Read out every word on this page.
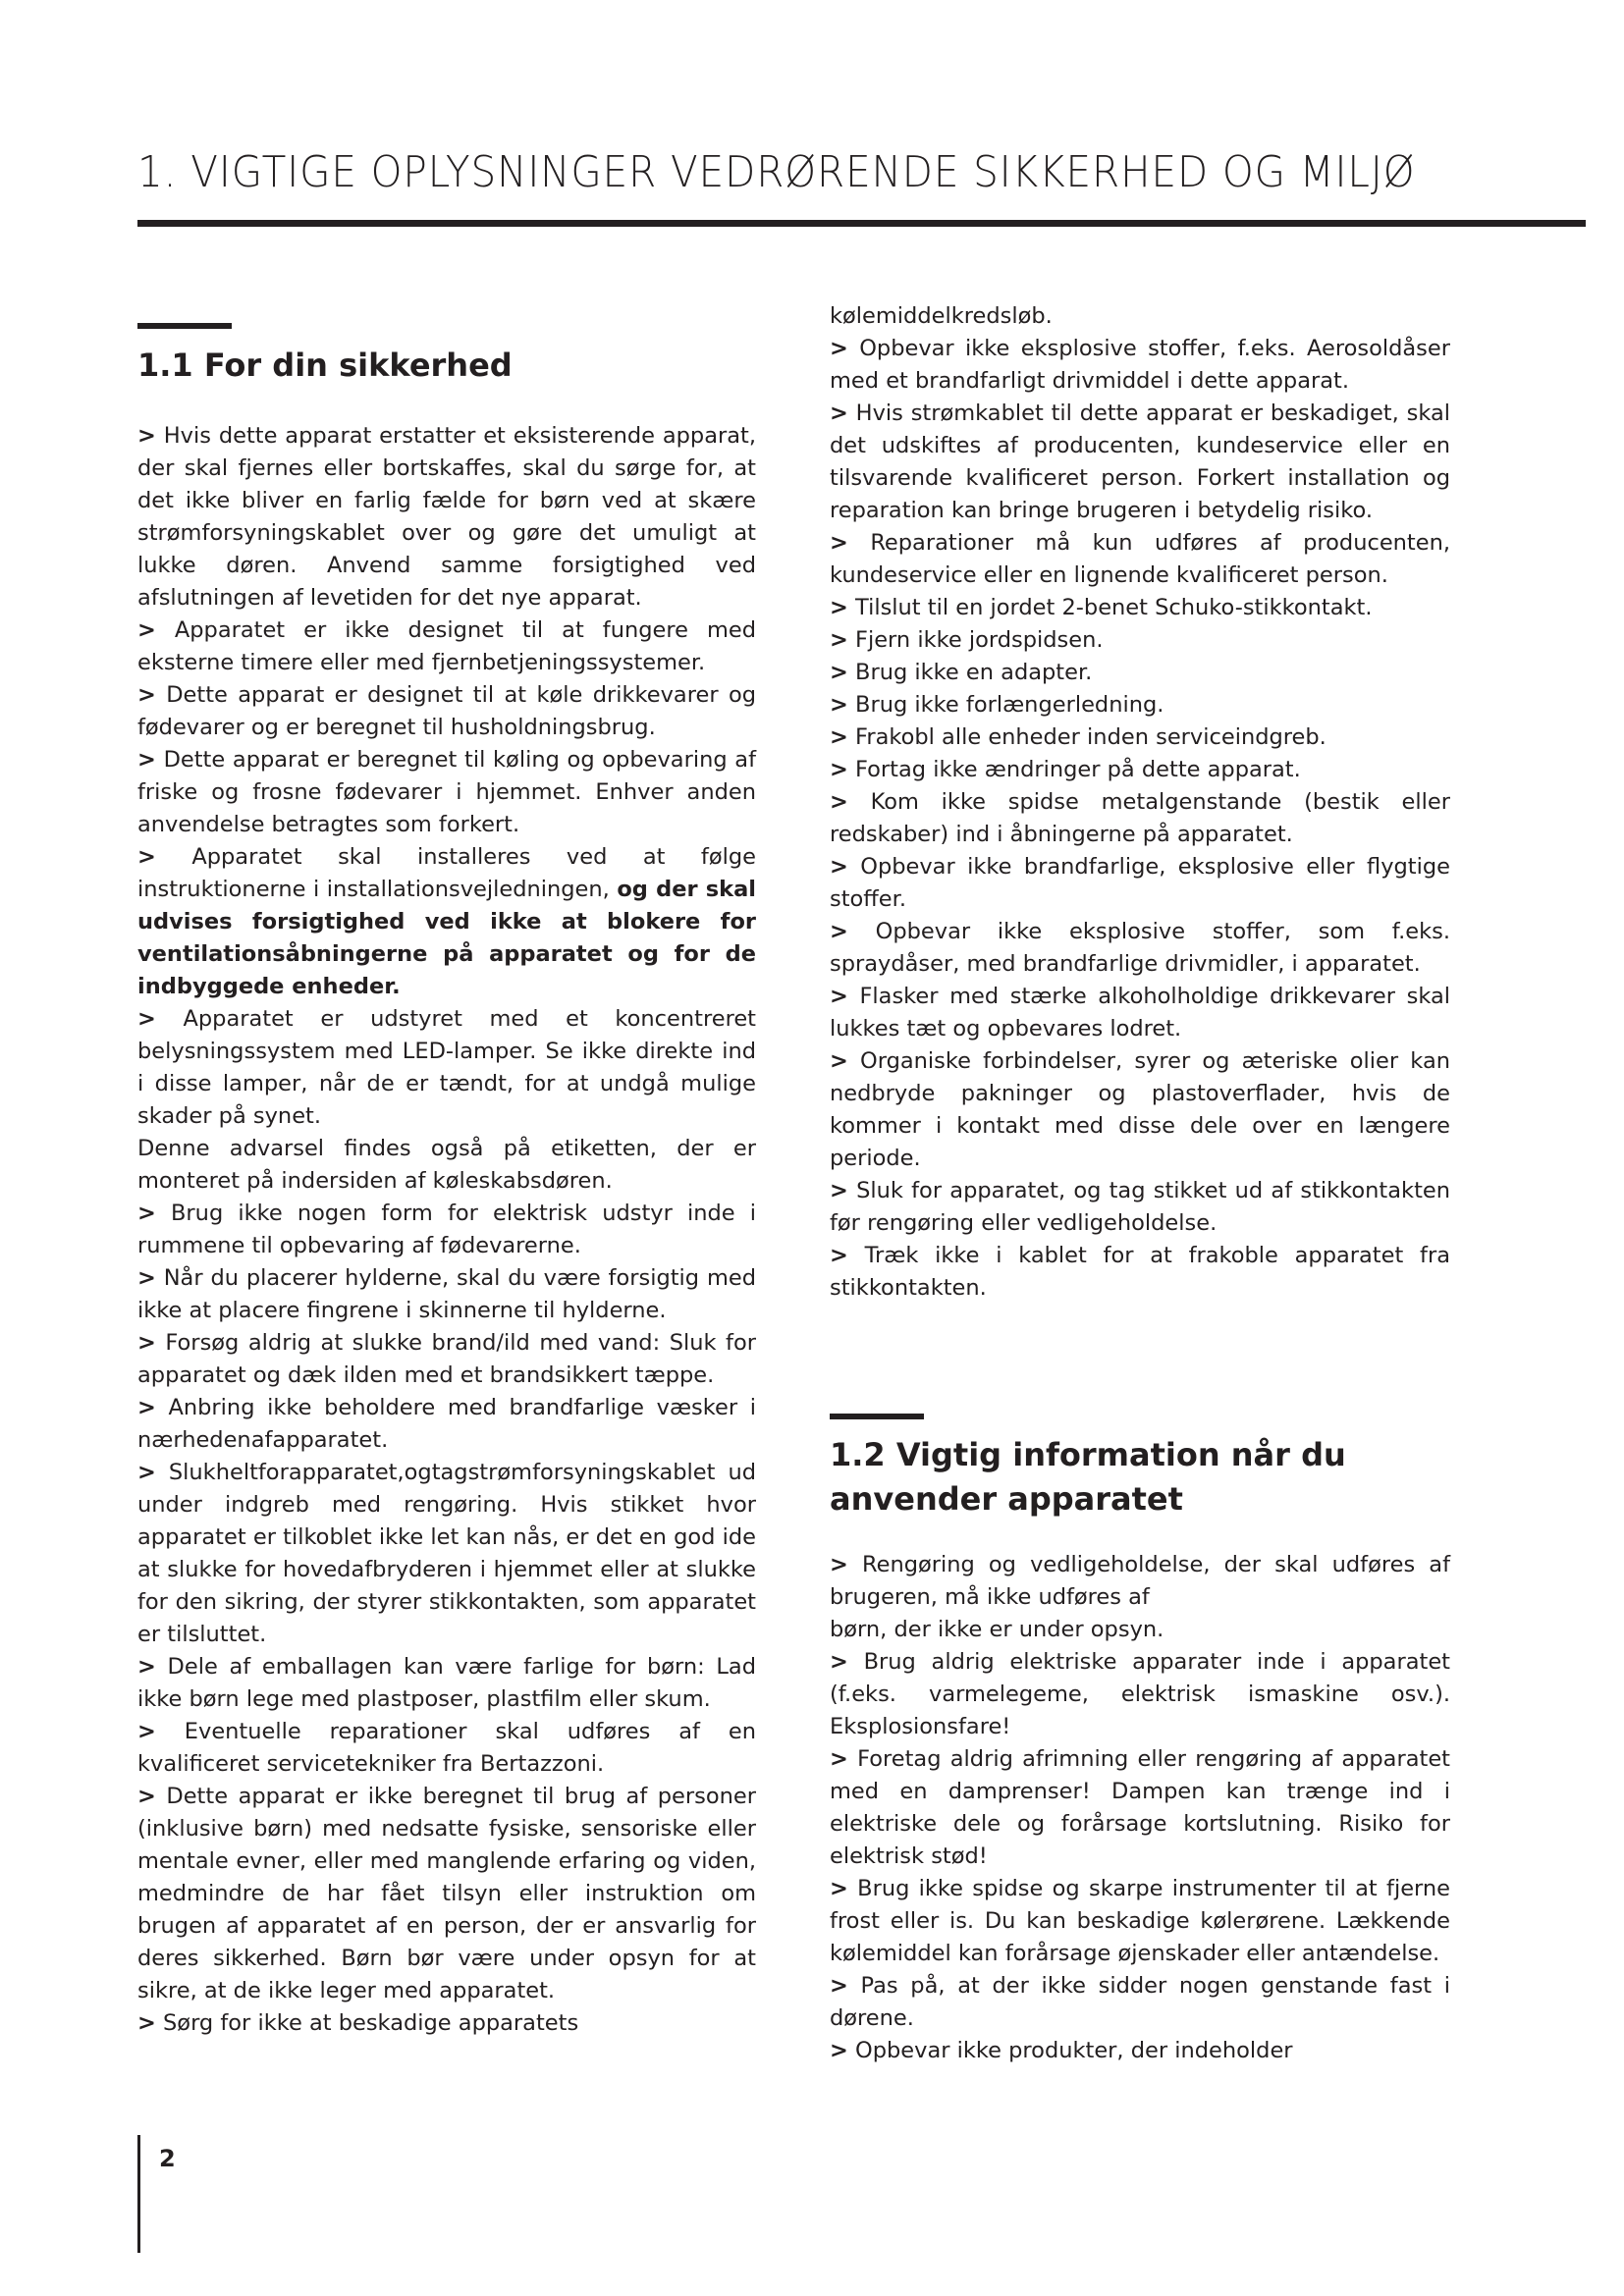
1. VIGTIGE OPLYSNINGER VEDRØRENDE SIKKERHED OG MILJØ
1.1 For din sikkerhed

> Hvis dette apparat erstatter et eksisterende apparat, der skal fjernes eller bortskaffes, skal du sørge for, at det ikke bliver en farlig fælde for børn ved at skære strømforsyningskablet over og gøre det umuligt at lukke døren. Anvend samme forsigtighed ved afslutningen af levetiden for det nye apparat.

> Apparatet er ikke designet til at fungere med eksterne timere eller med fjernbetjeningssystemer.

> Dette apparat er designet til at køle drikkevarer og fødevarer og er beregnet til husholdningsbrug.

> Dette apparat er beregnet til køling og opbevaring af friske og frosne fødevarer i hjemmet. Enhver anden anvendelse betragtes som forkert.

> Apparatet skal installeres ved at følge instruktionerne i installationsvejledningen, og der skal udvises forsigtighed ved ikke at blokere for ventilationsåbningerne på apparatet og for de indbyggede enheder.

> Apparatet er udstyret med et koncentreret belysningssystem med LED-lamper. Se ikke direkte ind i disse lamper, når de er tændt, for at undgå mulige skader på synet.

Denne advarsel findes også på etiketten, der er monteret på indersiden af køleskabsdøren.

> Brug ikke nogen form for elektrisk udstyr inde i rummene til opbevaring af fødevarerne.

> Når du placerer hylderne, skal du være forsigtig med ikke at placere fingrene i skinnerne til hylderne.

> Forsøg aldrig at slukke brand/ild med vand: Sluk for apparatet og dæk ilden med et brandsikkert tæppe.

> Anbring ikke beholdere med brandfarlige væsker i nærhedenafapparatet.

> Slukheltforapparatet,ogtagstrømforsyningskablet ud under indgreb med rengøring. Hvis stikket hvor apparatet er tilkoblet ikke let kan nås, er det en god ide at slukke for hovedafbryderen i hjemmet eller at slukke for den sikring, der styrer stikkontakten, som apparatet er tilsluttet.

> Dele af emballagen kan være farlige for børn: Lad ikke børn lege med plastposer, plastfilm eller skum.

> Eventuelle reparationer skal udføres af en kvalificeret servicetekniker fra Bertazzoni.

> Dette apparat er ikke beregnet til brug af personer (inklusive børn) med nedsatte fysiske, sensoriske eller mentale evner, eller med manglende erfaring og viden, medmindre de har fået tilsyn eller instruktion om brugen af apparatet af en person, der er ansvarlig for deres sikkerhed. Børn bør være under opsyn for at sikre, at de ikke leger med apparatet.

> Sørg for ikke at beskadige apparatets

kølemiddelkredsløb.

> Opbevar ikke eksplosive stoffer, f.eks. Aerosoldåser med et brandfarligt drivmiddel i dette apparat.

> Hvis strømkablet til dette apparat er beskadiget, skal det udskiftes af producenten, kundeservice eller en tilsvarende kvalificeret person. Forkert installation og reparation kan bringe brugeren i betydelig risiko.

> Reparationer må kun udføres af producenten, kundeservice eller en lignende kvalificeret person.

> Tilslut til en jordet 2-benet Schuko-stikkontakt.

> Fjern ikke jordspidsen.

> Brug ikke en adapter.

> Brug ikke forlængerledning.

> Frakobl alle enheder inden serviceindgreb.

> Fortag ikke ændringer på dette apparat.

> Kom ikke spidse metalgenstande (bestik eller redskaber) ind i åbningerne på apparatet.

> Opbevar ikke brandfarlige, eksplosive eller flygtige stoffer.

> Opbevar ikke eksplosive stoffer, som f.eks. spraydåser, med brandfarlige drivmidler, i apparatet.

> Flasker med stærke alkoholholdige drikkevarer skal lukkes tæt og opbevares lodret.

> Organiske forbindelser, syrer og æteriske olier kan nedbryde pakninger og plastoverflader, hvis de kommer i kontakt med disse dele over en længere periode.

> Sluk for apparatet, og tag stikket ud af stikkontakten før rengøring eller vedligeholdelse.

> Træk ikke i kablet for at frakoble apparatet fra stikkontakten.

1.2 Vigtig information når du anvender apparatet

> Rengøring og vedligeholdelse, der skal udføres af brugeren, må ikke udføres af

børn, der ikke er under opsyn.

> Brug aldrig elektriske apparater inde i apparatet (f.eks. varmelegeme, elektrisk ismaskine osv.). Eksplosionsfare!

> Foretag aldrig afrimning eller rengøring af apparatet med en damprenser! Dampen kan trænge ind i elektriske dele og forårsage kortslutning. Risiko for elektrisk stød!

> Brug ikke spidse og skarpe instrumenter til at fjerne frost eller is. Du kan beskadige kølerørene. Lækkende kølemiddel kan forårsage øjenskader eller antændelse.

> Pas på, at der ikke sidder nogen genstande fast i dørene.

> Opbevar ikke produkter, der indeholder

2
